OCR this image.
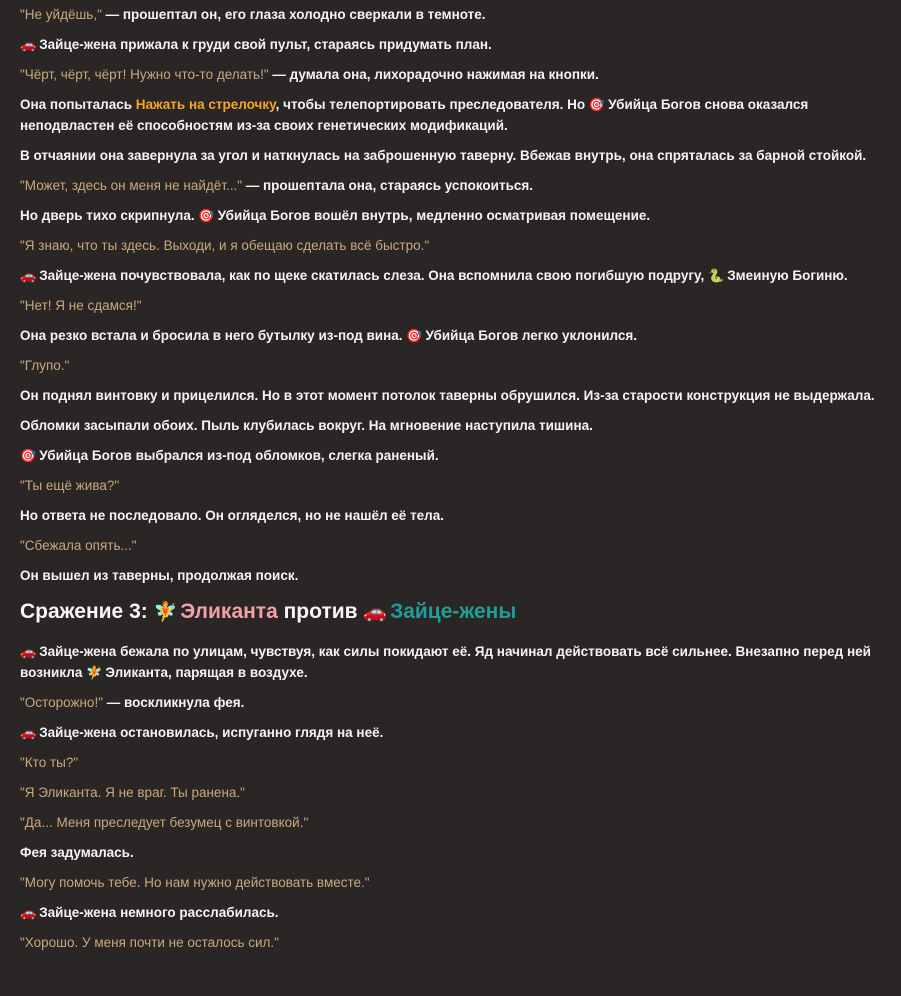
"Не уйдёшь," — прошептал он, его глаза холодно сверкали в темноте.

🚗 Зайце-жена прижала к груди свой пульт, стараясь придумать план.

"Чёрт, чёрт, чёрт! Нужно что-то делать!" — думала она, лихорадочно нажимая на кнопки.

Она попыталась Нажать на стрелочку, чтобы телепортировать преследователя. Но 🎯 Убийца Богов снова оказался неподвластен её способностям из-за своих генетических модификаций.

В отчаянии она завернула за угол и наткнулась на заброшенную таверну. Вбежав внутрь, она спряталась за барной стойкой.

"Может, здесь он меня не найдёт..." — прошептала она, стараясь успокоиться.

Но дверь тихо скрипнула. 🎯 Убийца Богов вошёл внутрь, медленно осматривая помещение.

"Я знаю, что ты здесь. Выходи, и я обещаю сделать всё быстро."

🚗 Зайце-жена почувствовала, как по щеке скатилась слеза. Она вспомнила свою погибшую подругу, 🐍 Змеиную Богиню.

"Нет! Я не сдамся!"

Она резко встала и бросила в него бутылку из-под вина. 🎯 Убийца Богов легко уклонился.

"Глупо."

Он поднял винтовку и прицелился. Но в этот момент потолок таверны обрушился. Из-за старости конструкция не выдержала.

Обломки засыпали обоих. Пыль клубилась вокруг. На мгновение наступила тишина.

🎯 Убийца Богов выбрался из-под обломков, слегка раненый.

"Ты ещё жива?"

Но ответа не последовало. Он огляделся, но не нашёл её тела.

"Сбежала опять..."

Он вышел из таверны, продолжая поиск.

Сражение 3: 🧚 Эликанта против 🚗 Зайце-жены

🚗 Зайце-жена бежала по улицам, чувствуя, как силы покидают её. Яд начинал действовать всё сильнее. Внезапно перед ней возникла 🧚 Эликанта, парящая в воздухе.

"Осторожно!" — воскликнула фея.

🚗 Зайце-жена остановилась, испуганно глядя на неё.

"Кто ты?"

"Я Эликанта. Я не враг. Ты ранена."

"Да... Меня преследует безумец с винтовкой."

Фея задумалась.

"Могу помочь тебе. Но нам нужно действовать вместе."

🚗 Зайце-жена немного расслабилась.

"Хорошо. У меня почти не осталось сил."
